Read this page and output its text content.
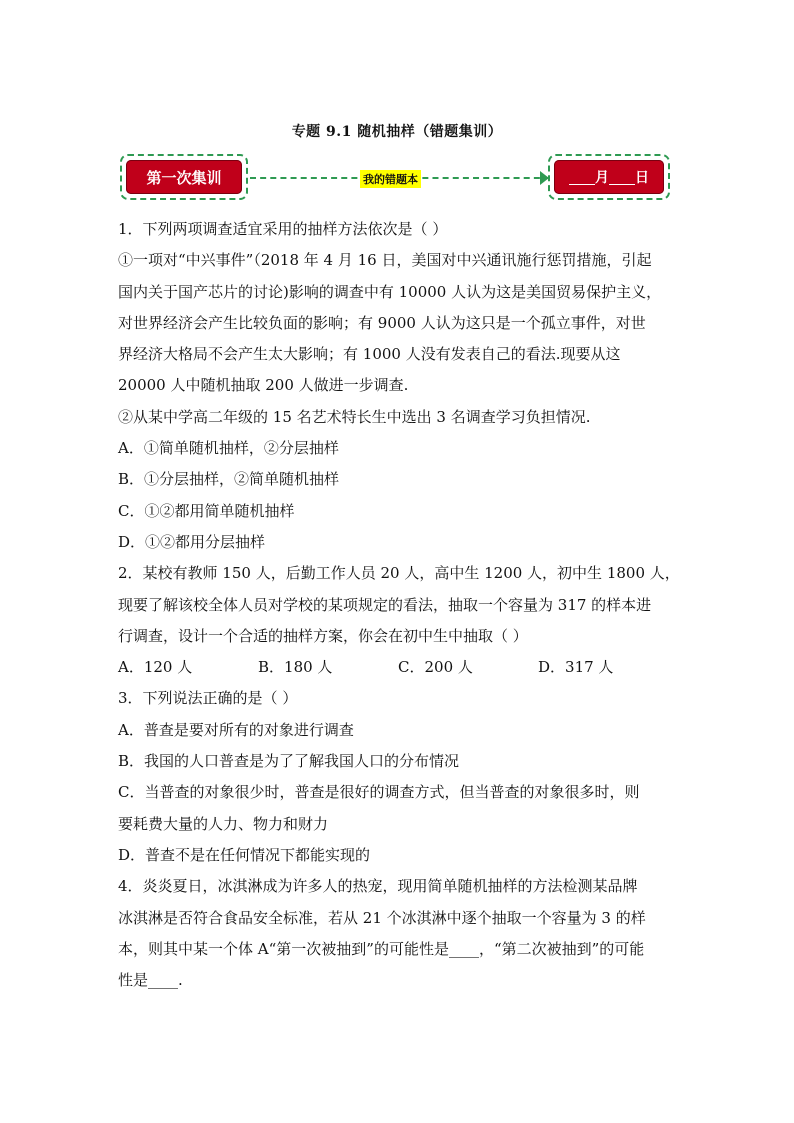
专题 9.1 随机抽样（错题集训）
第一次集训	我的错题本	月 日
1．下列两项调查适宜采用的抽样方法依次是（ ）
①一项对“中兴事件”（2018 年 4 月 16 日，美国对中兴通讯施行惩罚措施，引起
国内关于国产芯片的讨论)影响的调查中有 10000 人认为这是美国贸易保护主义，
对世界经济会产生比较负面的影响；有 9000 人认为这只是一个孤立事件，对世
界经济大格局不会产生太大影响；有 1000 人没有发表自己的看法.现要从这
20000 人中随机抽取 200 人做进一步调查.
②从某中学高二年级的 15 名艺术特长生中选出 3 名调查学习负担情况.
A．①简单随机抽样，②分层抽样
B．①分层抽样，②简单随机抽样
C．①②都用简单随机抽样
D．①②都用分层抽样
2．某校有教师 150 人，后勤工作人员 20 人，高中生 1200 人，初中生 1800 人，
现要了解该校全体人员对学校的某项规定的看法，抽取一个容量为 317 的样本进
行调查，设计一个合适的抽样方案，你会在初中生中抽取（ ）
A．120 人	B．180 人	C．200 人	D．317 人
3．下列说法正确的是（ ）
A．普查是要对所有的对象进行调查
B．我国的人口普查是为了了解我国人口的分布情况
C．当普查的对象很少时，普查是很好的调查方式，但当普查的对象很多时，则
要耗费大量的人力、物力和财力
D．普查不是在任何情况下都能实现的
4．炎炎夏日，冰淇淋成为许多人的热宠，现用简单随机抽样的方法检测某品牌
冰淇淋是否符合食品安全标准，若从 21 个冰淇淋中逐个抽取一个容量为 3 的样
本，则其中某一个体 A“第一次被抽到”的可能性是____，“第二次被抽到”的可能
性是____.
